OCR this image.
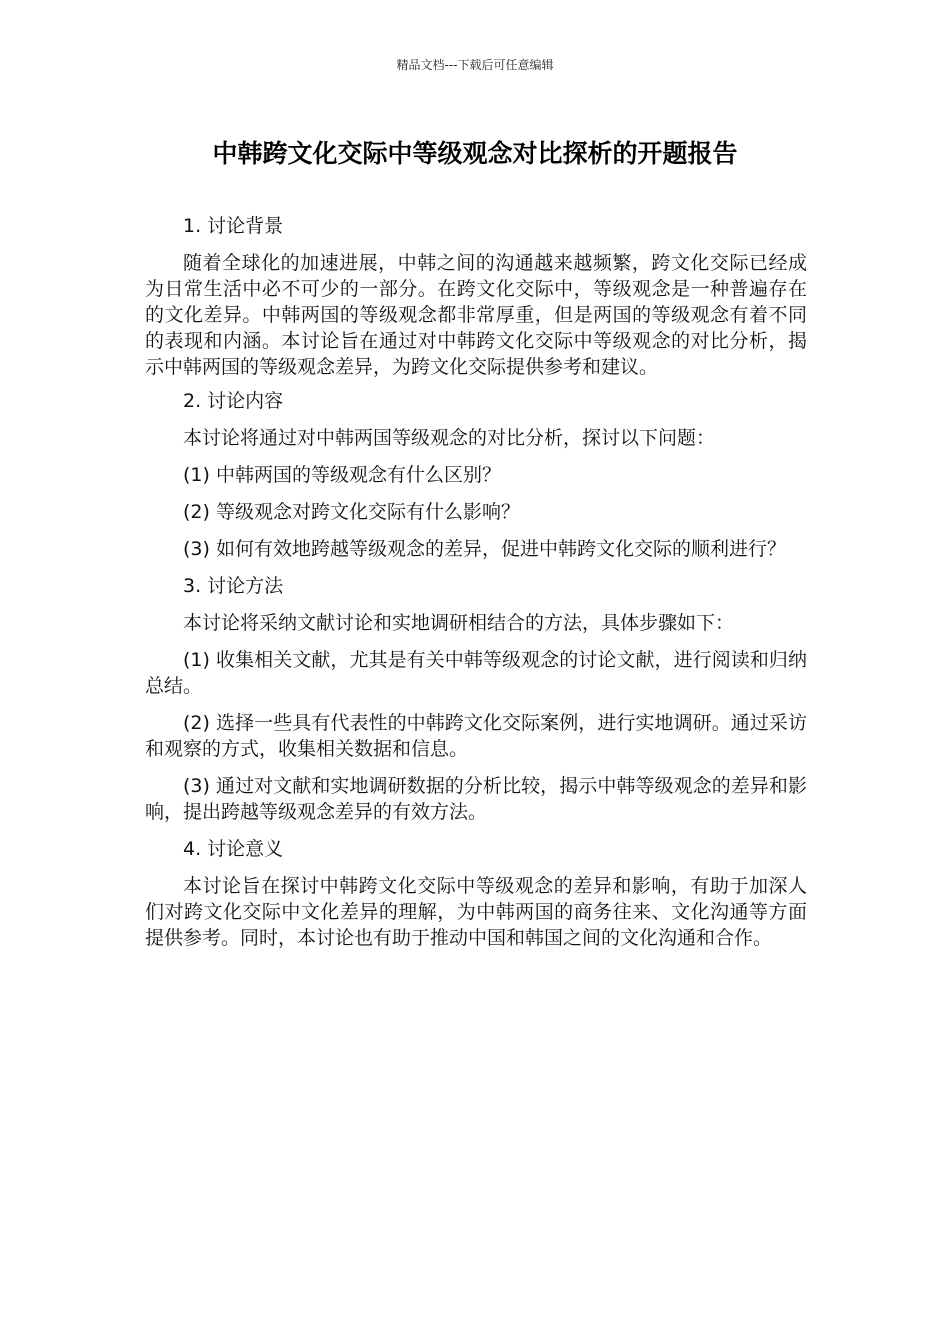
精品文档---下载后可任意编辑
中韩跨文化交际中等级观念对比探析的开题报告

1. 讨论背景

随着全球化的加速进展，中韩之间的沟通越来越频繁，跨文化交际已经成为日常生活中必不可少的一部分。在跨文化交际中，等级观念是一种普遍存在的文化差异。中韩两国的等级观念都非常厚重，但是两国的等级观念有着不同的表现和内涵。本讨论旨在通过对中韩跨文化交际中等级观念的对比分析，揭示中韩两国的等级观念差异，为跨文化交际提供参考和建议。

2. 讨论内容

本讨论将通过对中韩两国等级观念的对比分析，探讨以下问题：

(1) 中韩两国的等级观念有什么区别？

(2) 等级观念对跨文化交际有什么影响？

(3) 如何有效地跨越等级观念的差异，促进中韩跨文化交际的顺利进行？

3. 讨论方法

本讨论将采纳文献讨论和实地调研相结合的方法，具体步骤如下：

(1) 收集相关文献，尤其是有关中韩等级观念的讨论文献，进行阅读和归纳总结。

(2) 选择一些具有代表性的中韩跨文化交际案例，进行实地调研。通过采访和观察的方式，收集相关数据和信息。

(3) 通过对文献和实地调研数据的分析比较，揭示中韩等级观念的差异和影响，提出跨越等级观念差异的有效方法。

4. 讨论意义

本讨论旨在探讨中韩跨文化交际中等级观念的差异和影响，有助于加深人们对跨文化交际中文化差异的理解，为中韩两国的商务往来、文化沟通等方面提供参考。同时，本讨论也有助于推动中国和韩国之间的文化沟通和合作。
